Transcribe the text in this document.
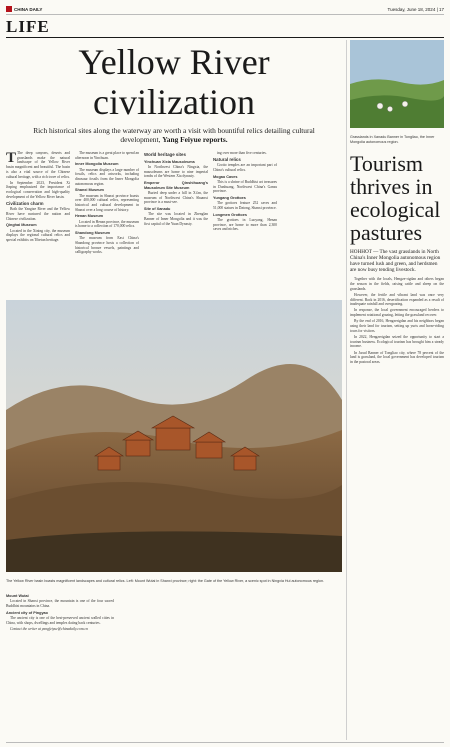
CHINA DAILY	Tuesday, June 18, 2024 | 17
LIFE
Yellow River civilization
Rich historical sites along the waterway are worth a visit with bountiful relics detailing cultural development, Yang Feiyue reports.

T The deep canyons, deserts and grasslands make the natural landscape of the Yellow River basin magnificent and beautiful. The basin is also a vital source of the Chinese cultural heritage, with a rich trove of relics.

In September 2023, President Xi Jinping emphasized the importance of ecological conservation and high-quality development of the Yellow River basin.

Civilization charm

Both the Yangtze River and the Yellow River have nurtured the nation and Chinese civilization.

Qinghai Museum

Located in the Xining city, the museum displays the regional cultural relics and special exhibits on Tibetan heritage.

The museum is a great place to spend an afternoon in Yinchuan.

Inner Mongolia Museum

The museum displays a large number of fossils, relics and artworks, including dinosaur fossils from the Inner Mongolia autonomous region.

Shanxi Museum

The museum in Shanxi province boasts over 400,000 cultural relics, representing historical and cultural development in Shanxi over a long course of history.

Henan Museum

Located in Henan province, the museum is home to a collection of 170,000 relics.

Shandong Museum

The museum from East China's Shandong province hosts a collection of historical bronze vessels, paintings and calligraphy works.

World heritage sites
Yinchuan Xixia Mausoleums

In Northwest China's Ningxia, the mausoleums are home to nine imperial tombs of the Western Xia dynasty.

Emperor Qinshihuang's Mausoleum Site Museum

Buried deep under a hill in Xi'an, the museum of Northwest China's Shaanxi province is a must-see.

Site of Xanadu

The site was located in Zhenglan Banner of Inner Mongolia and it was the first capital of the Yuan Dynasty.

ing over more than five centuries.

Natural relics

Grotto temples are an important part of China's cultural relics.

Mogao Caves

This is a shrine of Buddhist art treasures in Dunhuang, Northwest China's Gansu province.

Yungang Grottoes

The grottoes feature 252 caves and 51,000 statues in Datong, Shanxi province.

Longmen Grottoes

The grottoes in Luoyang, Henan province, are home to more than 2,300 caves and niches.

The Yellow River basin boasts magnificent landscapes and cultural relics. Left: Mount Wutai in Shanxi province; right: the Gate of the Yellow River, a scenic spot in Ningxia Hui autonomous region.
Mount Wutai

Located in Shanxi province, the mountain is one of the four sacred Buddhist mountains in China.

Ancient city of Pingyao

The ancient city is one of the best-preserved ancient walled cities in China, with shops, dwellings and temples dating back centuries.

Contact the writer at yangfeiyue@chinadaily.com.cn

Grasslands in Xanadu Banner in Tongliao, the Inner Mongolia autonomous region.
Tourism thrives in ecological pastures
HOHHOT — The vast grasslands in North China's Inner Mongolia autonomous region have turned lush and green, and herdsmen are now busy tending livestock.

Together with the locals, Hengze-rigdan and others began the season in the fields, raising cattle and sheep on the grasslands.

However, the fertile and vibrant land was once very different. Back in 2016, desertification expanded as a result of inadequate rainfall and overgrazing.

In response, the local government encouraged herders to implement rotational grazing, letting the grassland recover.

By the end of 2016, Hengzerigdan and his neighbors began using their land for tourism, setting up yurts and horse-riding tours for visitors.

In 2022, Hengzerigdan seized the opportunity to start a tourism business. Ecological tourism has brought him a steady income.

In Jarud Banner of Tongliao city, where 78 percent of the land is grassland, the local government has developed tourism in the pastoral areas.
